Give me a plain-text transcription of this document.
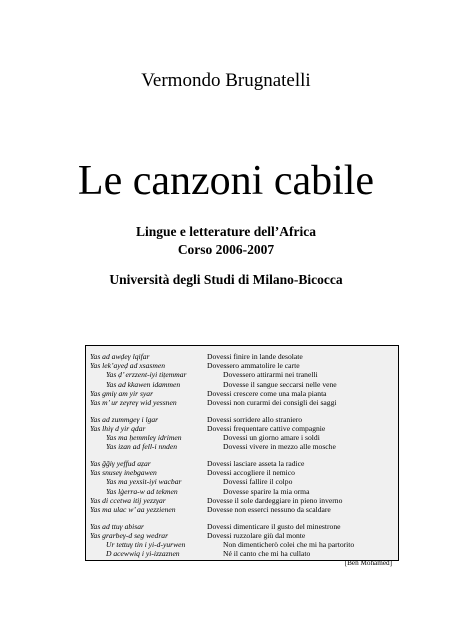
Vermondo Brugnatelli
Le canzoni cabile
Lingue e letterature dell’Africa
Corso 2006-2007
Università degli Studi di Milano-Bicocca
Yas ad awḍeγ lqifar	Dovessi finire in lande desolate
Yas lek’ayeḍ ad xsasmen	Dovessero ammatolire le carte
Yas ḍ’ erzzent-iyi tiṭemmar	Dovessero attirarmi nei tranelli
Yas ad kkawen idammen	Dovesse il sangue seccarsi nelle vene
Yas gmiγ am yir syar	Dovessi crescere come una mala pianta
Yas m’ ur zeγreγ wid yessnen	Dovessi non curarmi dei consigli dei saggi
Yas ad zummgeγ i lgar	Dovessi sorridere allo straniero
Yas lhiγ d yir qdar	Dovessi frequentare cattive compagnie
Yas ma ḥemmleγ idrimen	Dovessi un giorno amare i soldi
Yas izan ad fell-i nnden	Dovessi vivere in mezzo alle mosche
Yas ğğiγ yeffud aẓar	Dovessi lasciare asseta la radice
Yas snuseγ inebgawen	Dovessi accogliere il nemico
Yas ma yexsit-iyi wacbar	Dovessi fallire il colpo
Yas lġerra-w ad tekmen	Dovesse sparire la mia orma
Yas di ccetwa itij yezzγar	Dovesse il sole dardeggiare in pieno inverno
Yas ma ulac w’ aa yezzienen	Dovesse non esserci nessuno da scaldare
Yas ad ttuγ abisar	Dovessi dimenticare il gusto del minestrone
Yas grarbeγ-d seg wedrar	Dovessi ruzzolare giù dal monte
Ur tettuγ tin i yi-d-yurwen	Non dimenticherò colei che mi ha partorito
D acewwiq i yi-izzaznen	Né il canto che mi ha cullato
[Ben Mohamed]
